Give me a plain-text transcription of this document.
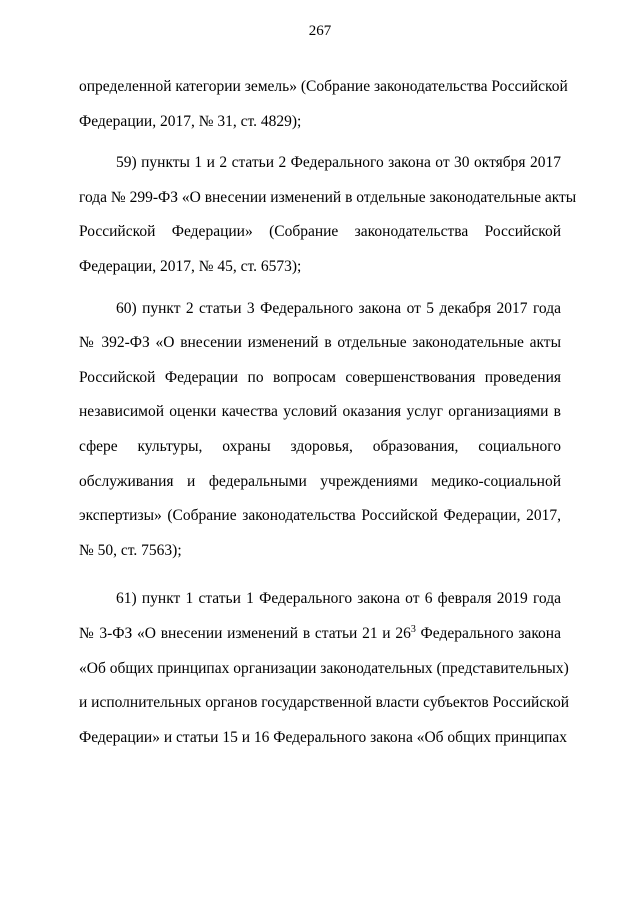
267
определенной категории земель» (Собрание законодательства Российской
Федерации, 2017, № 31, ст. 4829);
59) пункты 1 и 2 статьи 2 Федерального закона от 30 октября 2017
года № 299-ФЗ «О внесении изменений в отдельные законодательные акты
Российской Федерации» (Собрание законодательства Российской
Федерации, 2017, № 45, ст. 6573);
60) пункт 2 статьи 3 Федерального закона от 5 декабря 2017 года
№ 392-ФЗ «О внесении изменений в отдельные законодательные акты
Российской Федерации по вопросам совершенствования проведения
независимой оценки качества условий оказания услуг организациями в
сфере культуры, охраны здоровья, образования, социального
обслуживания и федеральными учреждениями медико-социальной
экспертизы» (Собрание законодательства Российской Федерации, 2017,
№ 50, ст. 7563);
61) пункт 1 статьи 1 Федерального закона от 6 февраля 2019 года
№ 3-ФЗ «О внесении изменений в статьи 21 и $26^3$ Федерального закона
«Об общих принципах организации законодательных (представительных)
и исполнительных органов государственной власти субъектов Российской
Федерации» и статьи 15 и 16 Федерального закона «Об общих принципах
